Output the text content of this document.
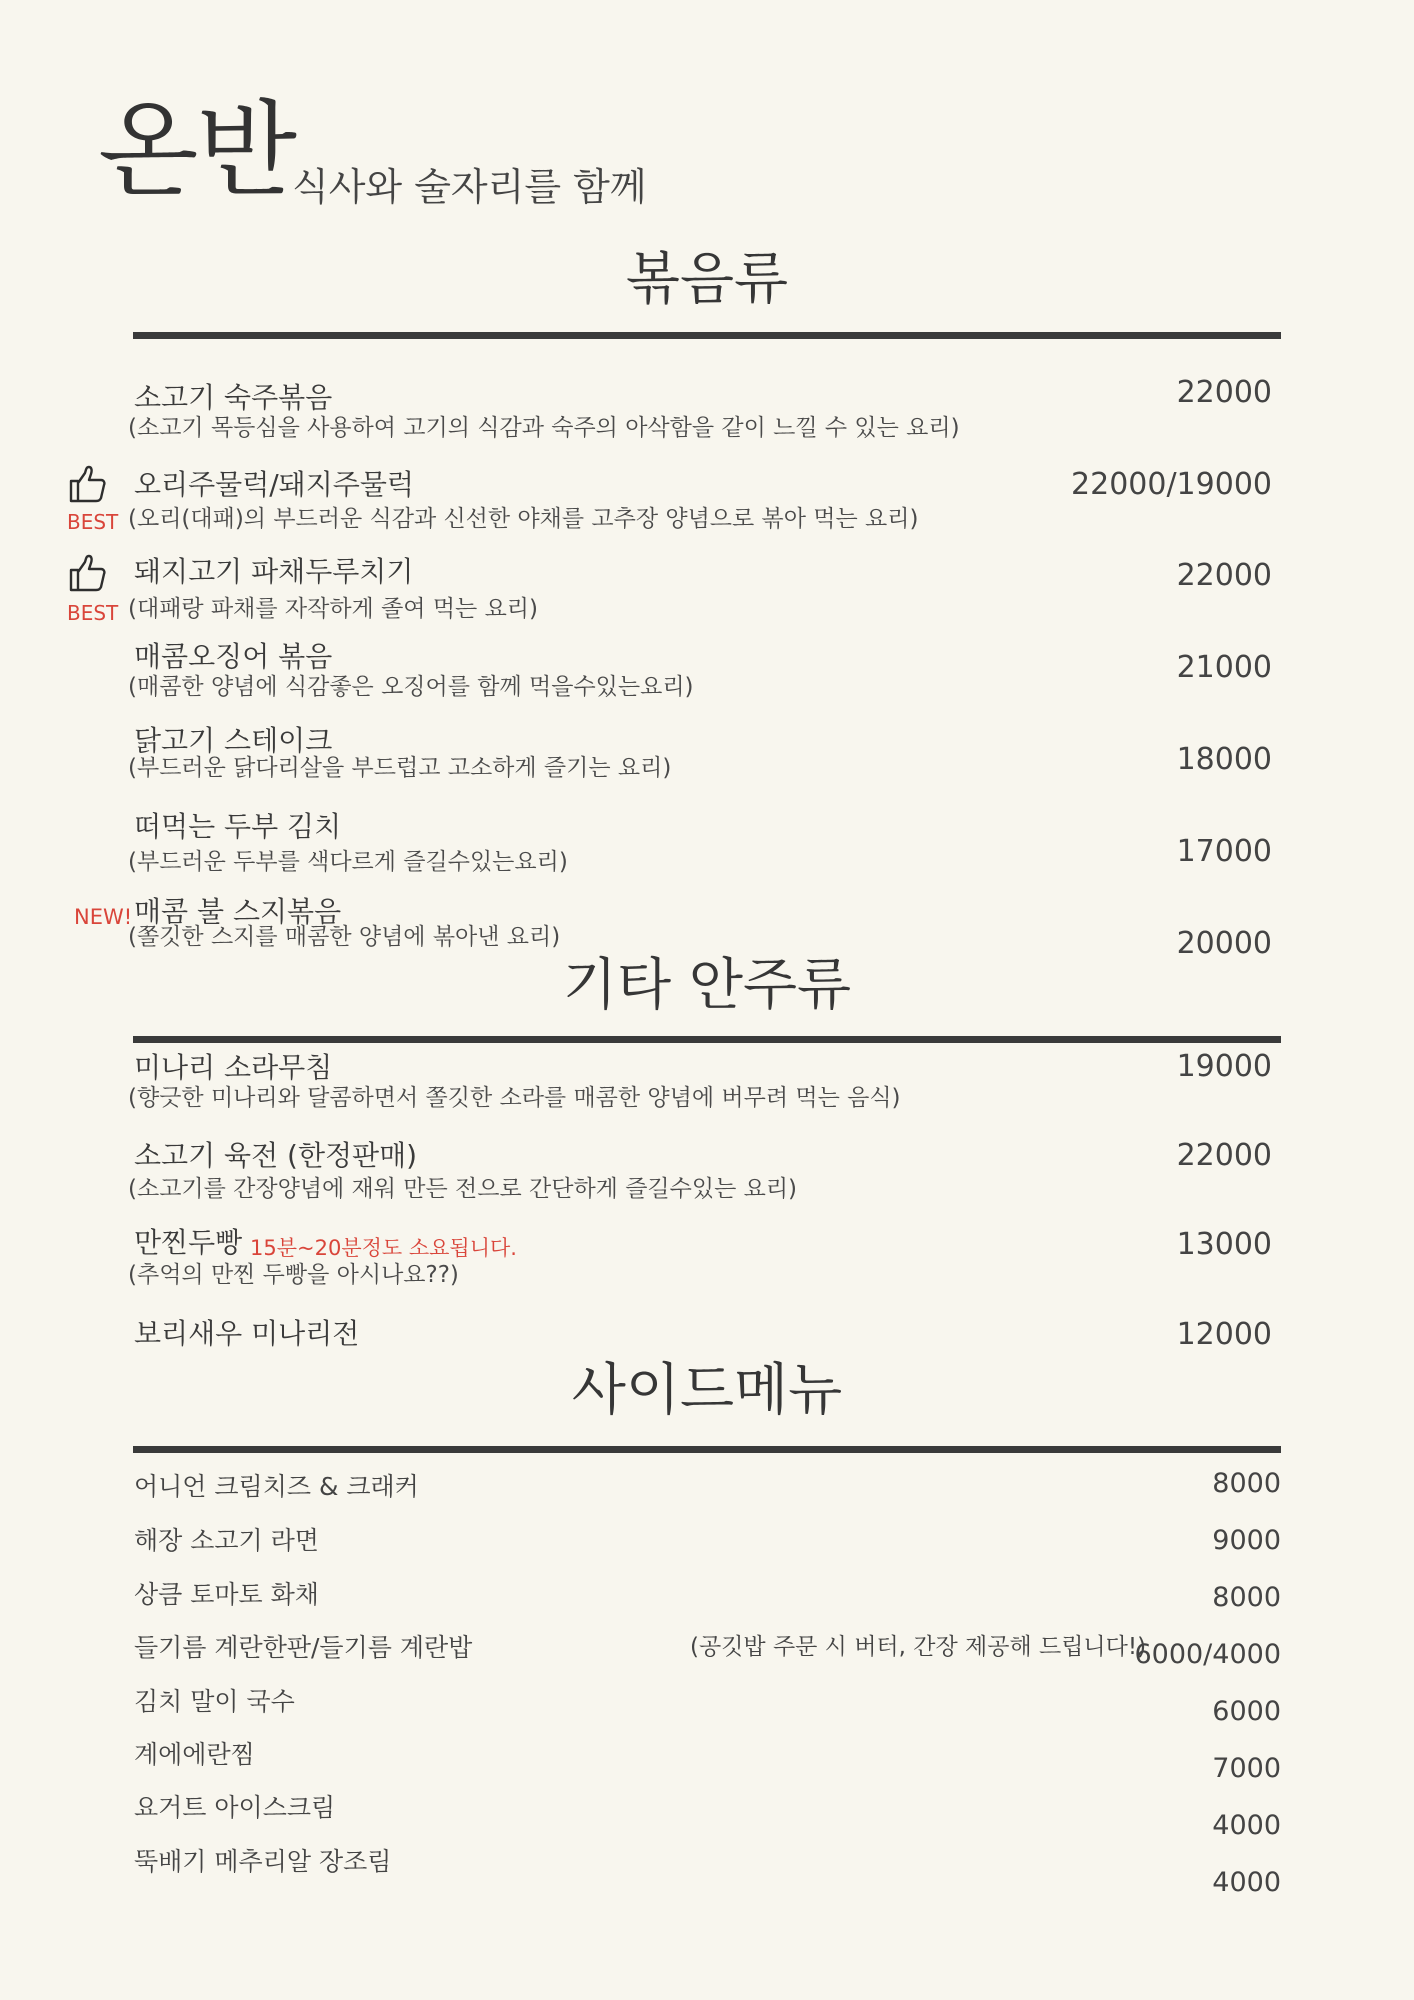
온반
식사와 술자리를 함께
볶음류
소고기 숙주볶음
(소고기 목등심을 사용하여 고기의 식감과 숙주의 아삭함을 같이 느낄 수 있는 요리)
22000
BEST
오리주물럭/돼지주물럭
(오리(대패)의 부드러운 식감과 신선한 야채를 고추장 양념으로 볶아 먹는 요리)
22000/19000
BEST
돼지고기 파채두루치기
(대패랑 파채를 자작하게 졸여 먹는 요리)
22000
매콤오징어 볶음
(매콤한 양념에 식감좋은 오징어를 함께 먹을수있는요리)
21000
닭고기 스테이크
(부드러운 닭다리살을 부드럽고 고소하게 즐기는 요리)	18000
떠먹는 두부 김치
(부드러운 두부를 색다르게 즐길수있는요리)	17000
NEW! 매콤 불 스지볶음
(쫄깃한 스지를 매콤한 양념에 볶아낸 요리)	20000
기타 안주류
미나리 소라무침
(향긋한 미나리와 달콤하면서 쫄깃한 소라를 매콤한 양념에 버무려 먹는 음식)
19000
소고기 육전 (한정판매)
(소고기를 간장양념에 재워 만든 전으로 간단하게 즐길수있는 요리)
22000
만찐두빵 15분~20분정도 소요됩니다.
(추억의 만찐 두빵을 아시나요??)
13000
보리새우 미나리전	12000
사이드메뉴
어니언 크림치즈 & 크래커	8000
해장 소고기 라면	9000
상큼 토마토 화채	8000
들기름 계란한판/들기름 계란밥	(공깃밥 주문 시 버터, 간장 제공해 드립니다!)
6000/4000
김치 말이 국수	6000
계에에란찜	7000
요거트 아이스크림
4000
뚝배기 메추리알 장조림
4000
